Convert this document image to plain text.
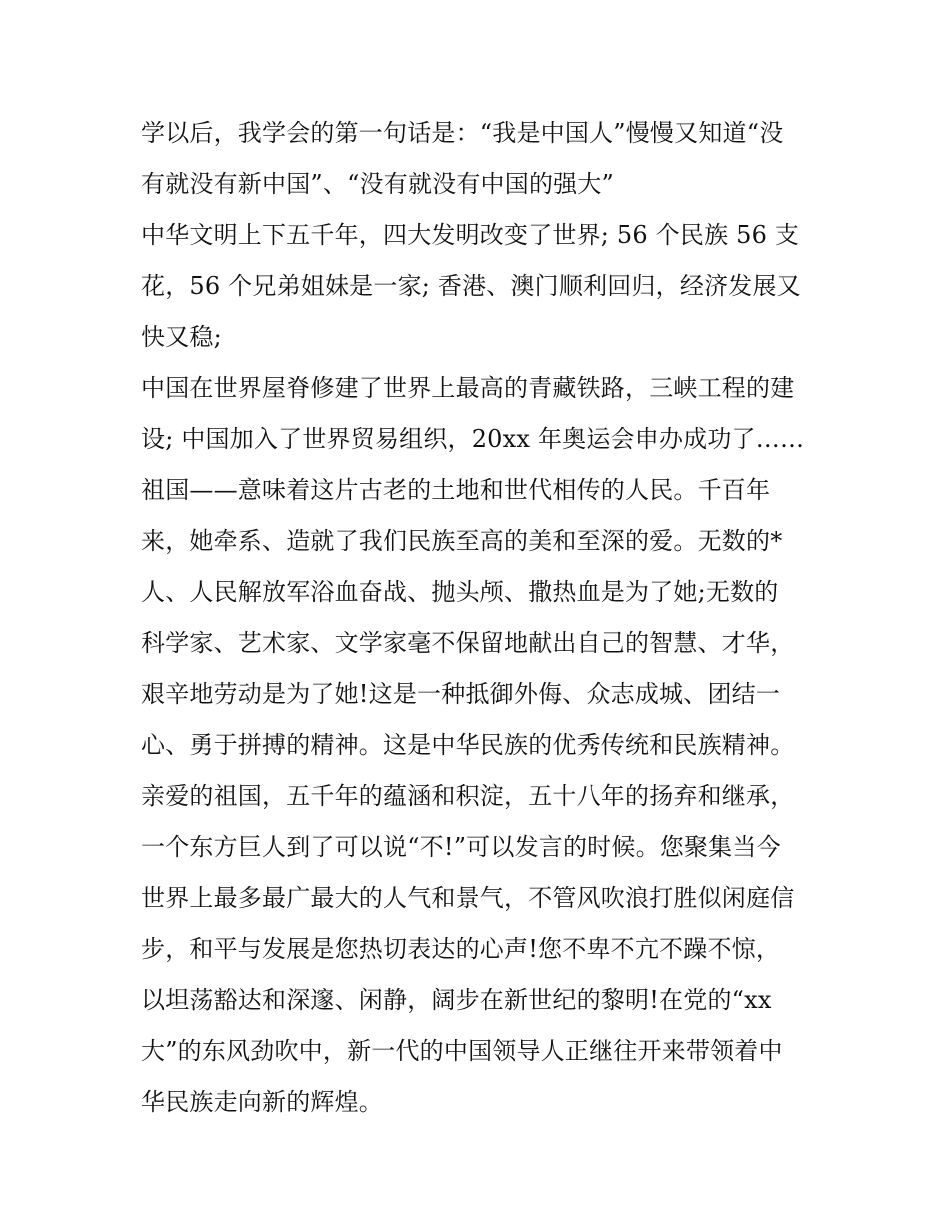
学以后，我学会的第一句话是：“我是中国人”慢慢又知道“没
有就没有新中国”、“没有就没有中国的强大”
中华文明上下五千年，四大发明改变了世界; 56 个民族 56 支
花，56 个兄弟姐妹是一家; 香港、澳门顺利回归，经济发展又
快又稳;
中国在世界屋脊修建了世界上最高的青藏铁路，三峡工程的建
设; 中国加入了世界贸易组织，20xx 年奥运会申办成功了……
祖国——意味着这片古老的土地和世代相传的人民。千百年
来，她牵系、造就了我们民族至高的美和至深的爱。无数的*
人、人民解放军浴血奋战、抛头颅、撒热血是为了她;无数的
科学家、艺术家、文学家毫不保留地献出自己的智慧、才华，
艰辛地劳动是为了她!这是一种抵御外侮、众志成城、团结一
心、勇于拼搏的精神。这是中华民族的优秀传统和民族精神。
亲爱的祖国，五千年的蕴涵和积淀，五十八年的扬弃和继承，
一个东方巨人到了可以说“不!”可以发言的时候。您聚集当今
世界上最多最广最大的人气和景气，不管风吹浪打胜似闲庭信
步，和平与发展是您热切表达的心声!您不卑不亢不躁不惊，
以坦荡豁达和深邃、闲静，阔步在新世纪的黎明!在党的“xx
大”的东风劲吹中，新一代的中国领导人正继往开来带领着中
华民族走向新的辉煌。
